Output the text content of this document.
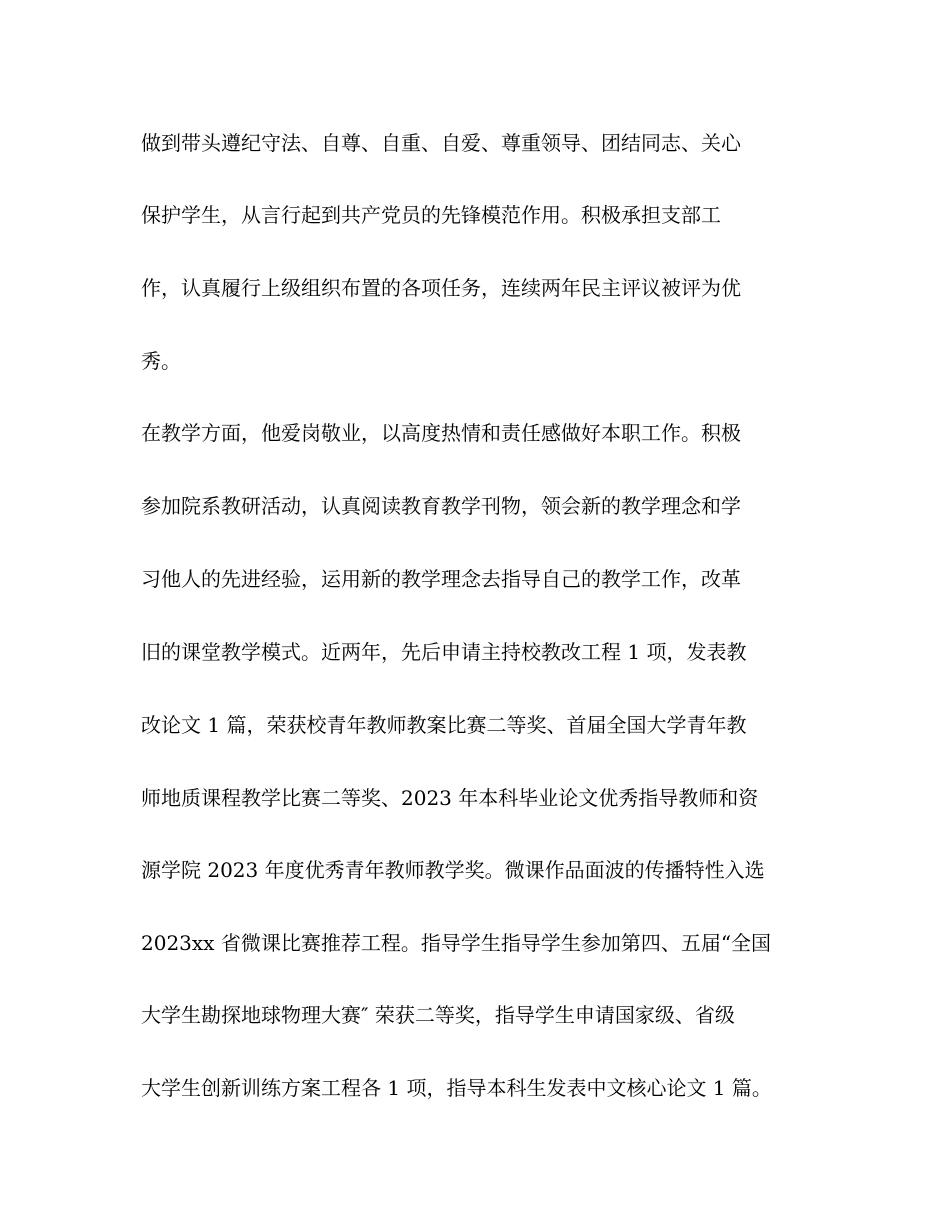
做到带头遵纪守法、自尊、自重、自爱、尊重领导、团结同志、关心
保护学生，从言行起到共产党员的先锋模范作用。积极承担支部工
作，认真履行上级组织布置的各项任务，连续两年民主评议被评为优
秀。
在教学方面，他爱岗敬业，以高度热情和责任感做好本职工作。积极
参加院系教研活动，认真阅读教育教学刊物，领会新的教学理念和学
习他人的先进经验，运用新的教学理念去指导自己的教学工作，改革
旧的课堂教学模式。近两年，先后申请主持校教改工程 1 项，发表教
改论文 1 篇，荣获校青年教师教案比赛二等奖、首届全国大学青年教
师地质课程教学比赛二等奖、2023 年本科毕业论文优秀指导教师和资
源学院 2023 年度优秀青年教师教学奖。微课作品面波的传播特性入选
2023xx 省微课比赛推荐工程。指导学生指导学生参加第四、五届“全国
大学生勘探地球物理大赛″ 荣获二等奖，指导学生申请国家级、省级
大学生创新训练方案工程各 1 项，指导本科生发表中文核心论文 1 篇。
